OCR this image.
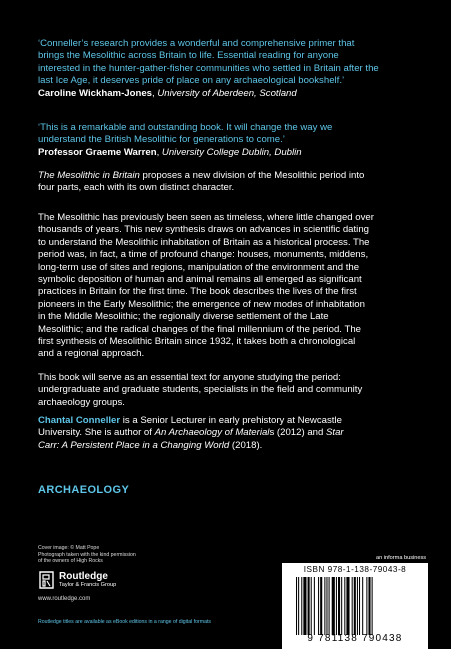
‘Conneller’s research provides a wonderful and comprehensive primer that

brings the Mesolithic across Britain to life. Essential reading for anyone

interested in the hunter-gather-fisher communities who settled in Britain after the

last Ice Age, it deserves pride of place on any archaeological bookshelf.’

Caroline Wickham-Jones, University of Aberdeen, Scotland

‘This is a remarkable and outstanding book. It will change the way we

understand the British Mesolithic for generations to come.’

Professor Graeme Warren, University College Dublin, Dublin

The Mesolithic in Britain proposes a new division of the Mesolithic period into

four parts, each with its own distinct character.

The Mesolithic has previously been seen as timeless, where little changed over

thousands of years. This new synthesis draws on advances in scientific dating

to understand the Mesolithic inhabitation of Britain as a historical process. The

period was, in fact, a time of profound change: houses, monuments, middens,

long-term use of sites and regions, manipulation of the environment and the

symbolic deposition of human and animal remains all emerged as significant

practices in Britain for the first time. The book describes the lives of the first

pioneers in the Early Mesolithic; the emergence of new modes of inhabitation

in the Middle Mesolithic; the regionally diverse settlement of the Late

Mesolithic; and the radical changes of the final millennium of the period. The

first synthesis of Mesolithic Britain since 1932, it takes both a chronological

and a regional approach.

This book will serve as an essential text for anyone studying the period:

undergraduate and graduate students, specialists in the field and community

archaeology groups.

Chantal Conneller is a Senior Lecturer in early prehistory at Newcastle

University. She is author of An Archaeology of Materials (2012) and Star

Carr: A Persistent Place in a Changing World (2018).

ARCHAEOLOGY

Cover image: © Matt Pope

Photograph taken with the kind permission

of the owners of High Rocks

Routledge
Taylor & Francis Group
www.routledge.com
Routledge titles are available as eBook editions in a range of digital formats
an informa business
ISBN 978-1-138-79043-8
9 781138 790438
